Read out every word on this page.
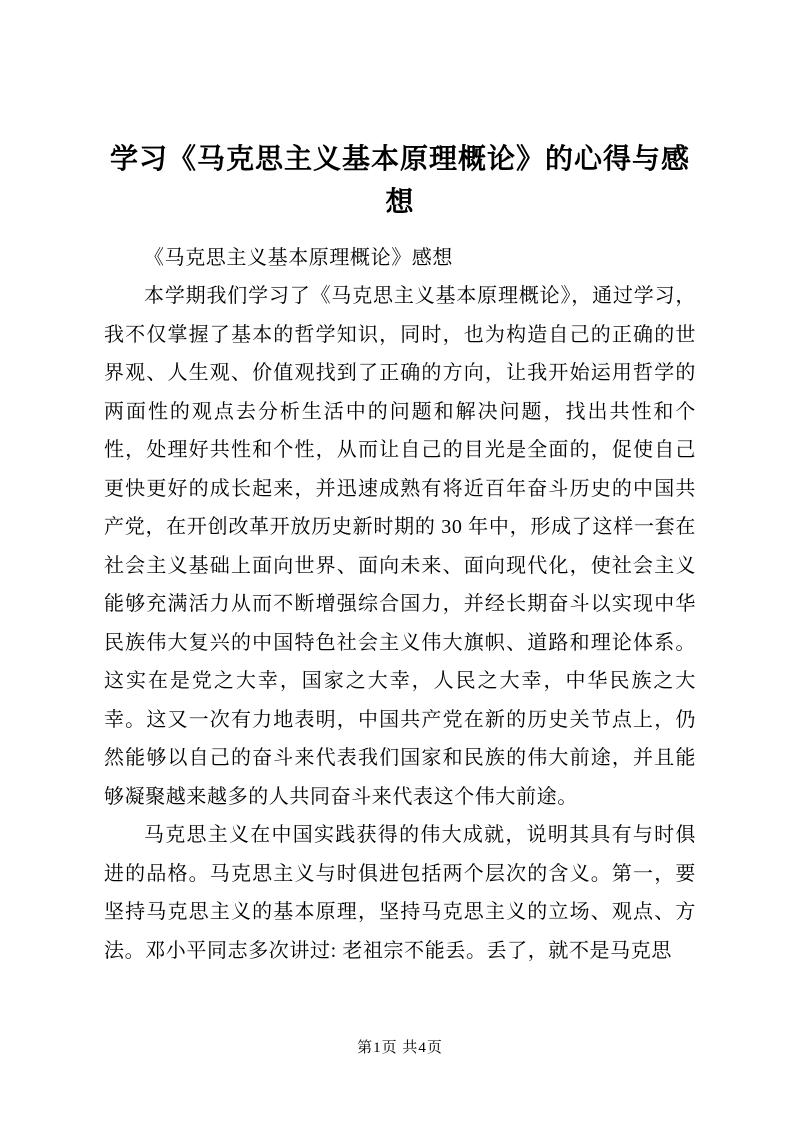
学习《马克思主义基本原理概论》的心得与感想

《马克思主义基本原理概论》感想

本学期我们学习了《马克思主义基本原理概论》，通过学习，我不仅掌握了基本的哲学知识，同时，也为构造自己的正确的世界观、人生观、价值观找到了正确的方向，让我开始运用哲学的两面性的观点去分析生活中的问题和解决问题，找出共性和个性，处理好共性和个性，从而让自己的目光是全面的，促使自己更快更好的成长起来，并迅速成熟有将近百年奋斗历史的中国共产党，在开创改革开放历史新时期的 30 年中，形成了这样一套在社会主义基础上面向世界、面向未来、面向现代化，使社会主义能够充满活力从而不断增强综合国力，并经长期奋斗以实现中华民族伟大复兴的中国特色社会主义伟大旗帜、道路和理论体系。这实在是党之大幸，国家之大幸，人民之大幸，中华民族之大幸。这又一次有力地表明，中国共产党在新的历史关节点上，仍然能够以自己的奋斗来代表我们国家和民族的伟大前途，并且能够凝聚越来越多的人共同奋斗来代表这个伟大前途。

马克思主义在中国实践获得的伟大成就，说明其具有与时俱进的品格。马克思主义与时俱进包括两个层次的含义。第一，要坚持马克思主义的基本原理，坚持马克思主义的立场、观点、方法。邓小平同志多次讲过: 老祖宗不能丢。丢了，就不是马克思

第1页 共4页
